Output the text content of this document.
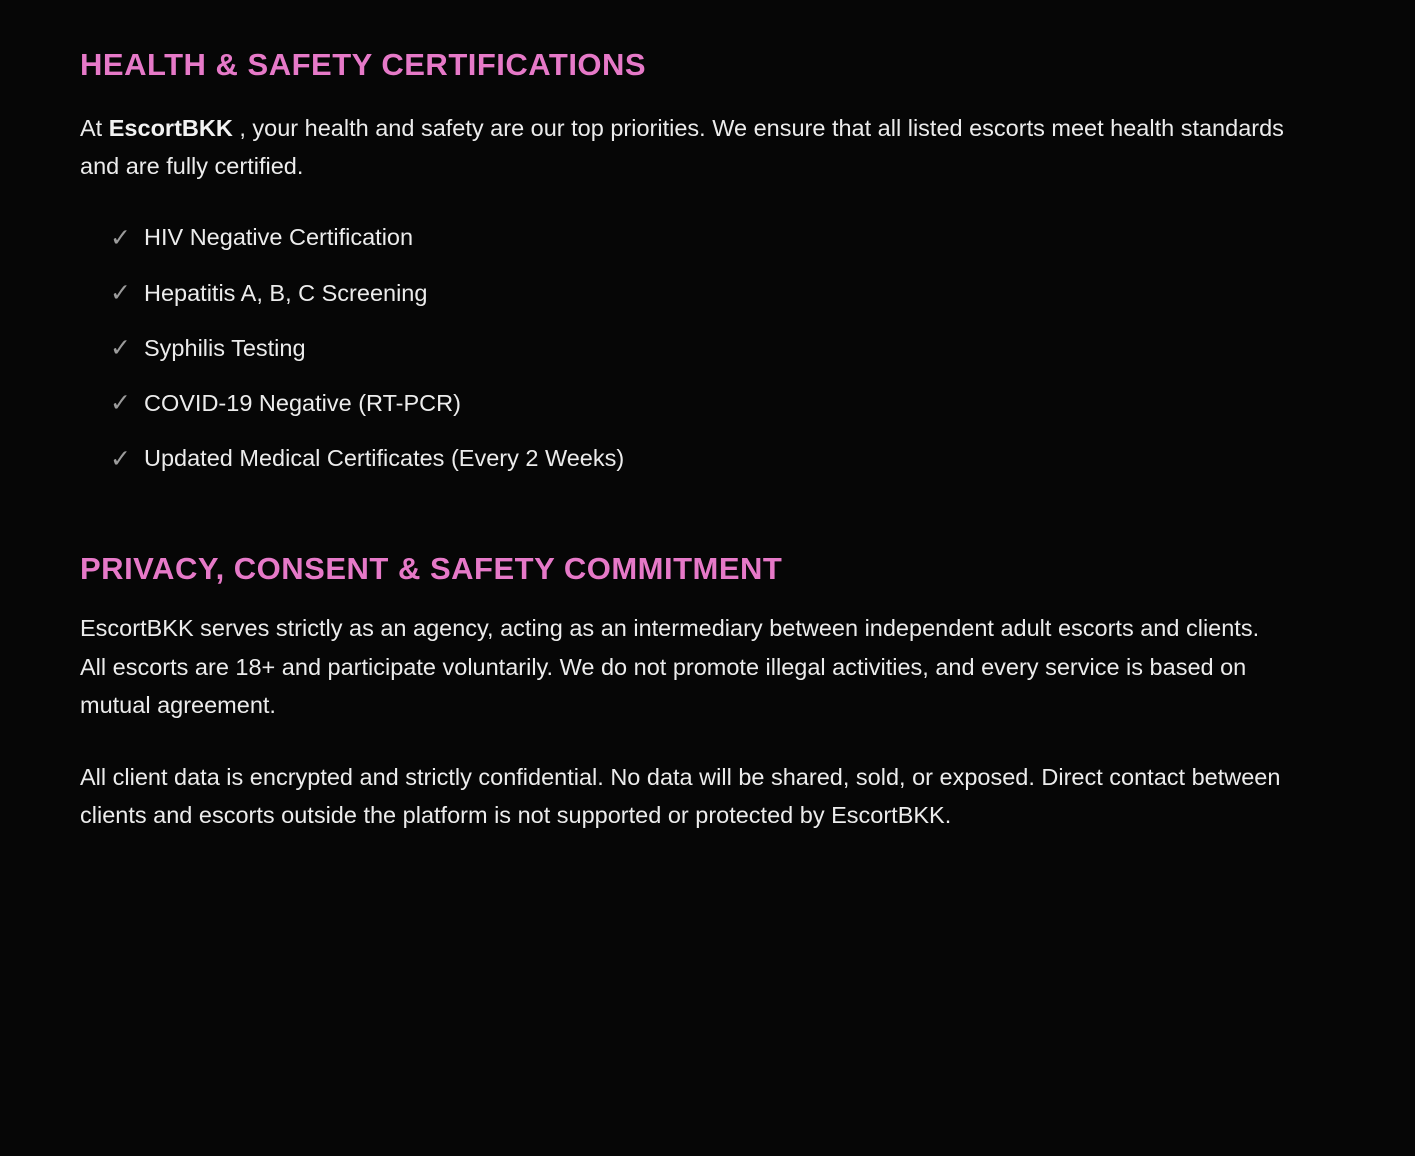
HEALTH & SAFETY CERTIFICATIONS

At EscortBKK , your health and safety are our top priorities. We ensure that all listed escorts meet health standards and are fully certified.

✓ HIV Negative Certification
✓ Hepatitis A, B, C Screening
✓ Syphilis Testing
✓ COVID-19 Negative (RT-PCR)
✓ Updated Medical Certificates (Every 2 Weeks)
PRIVACY, CONSENT & SAFETY COMMITMENT

EscortBKK serves strictly as an agency, acting as an intermediary between independent adult escorts and clients. All escorts are 18+ and participate voluntarily. We do not promote illegal activities, and every service is based on mutual agreement.

All client data is encrypted and strictly confidential. No data will be shared, sold, or exposed. Direct contact between clients and escorts outside the platform is not supported or protected by EscortBKK.
